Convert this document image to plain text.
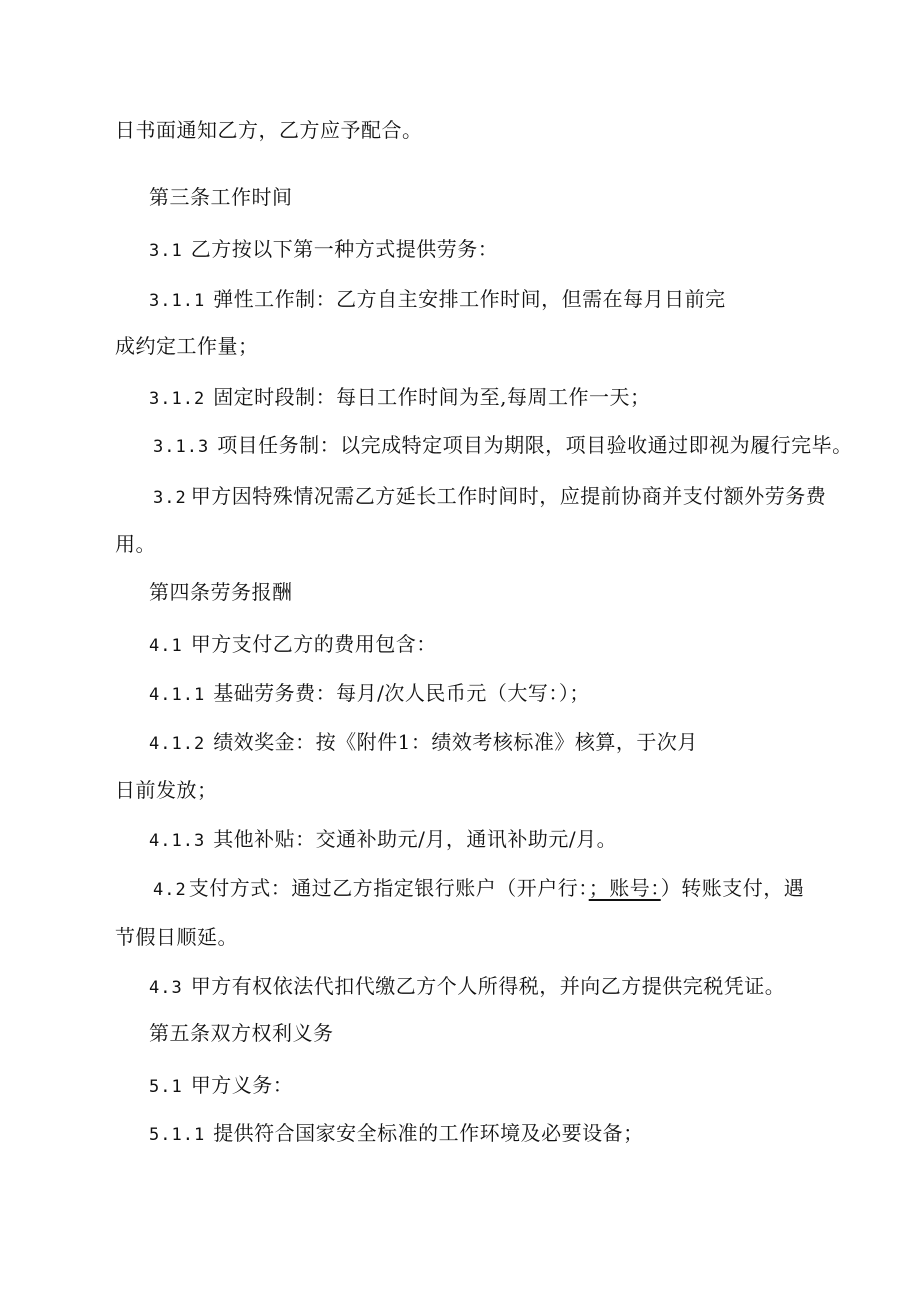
日书面通知乙方，乙方应予配合。
第三条工作时间
3.1 乙方按以下第一种方式提供劳务：
3.1.1 弹性工作制：乙方自主安排工作时间，但需在每月日前完
成约定工作量；
3.1.2 固定时段制：每日工作时间为至,每周工作一天；
3.1.3 项目任务制：以完成特定项目为期限，项目验收通过即视为履行完毕。
3.2 甲方因特殊情况需乙方延长工作时间时，应提前协商并支付额外劳务费
用。
第四条劳务报酬
4.1 甲方支付乙方的费用包含：
4.1.1 基础劳务费：每月/次人民币元（大写：）；
4.1.2 绩效奖金：按《附件1：绩效考核标准》核算，于次月
日前发放；
4.1.3 其他补贴：交通补助元/月，通讯补助元/月。
4.2 支付方式：通过乙方指定银行账户（开户行：；账号：）转账支付，遇
节假日顺延。
4.3 甲方有权依法代扣代缴乙方个人所得税，并向乙方提供完税凭证。
第五条双方权利义务
5.1 甲方义务：
5.1.1 提供符合国家安全标准的工作环境及必要设备；
